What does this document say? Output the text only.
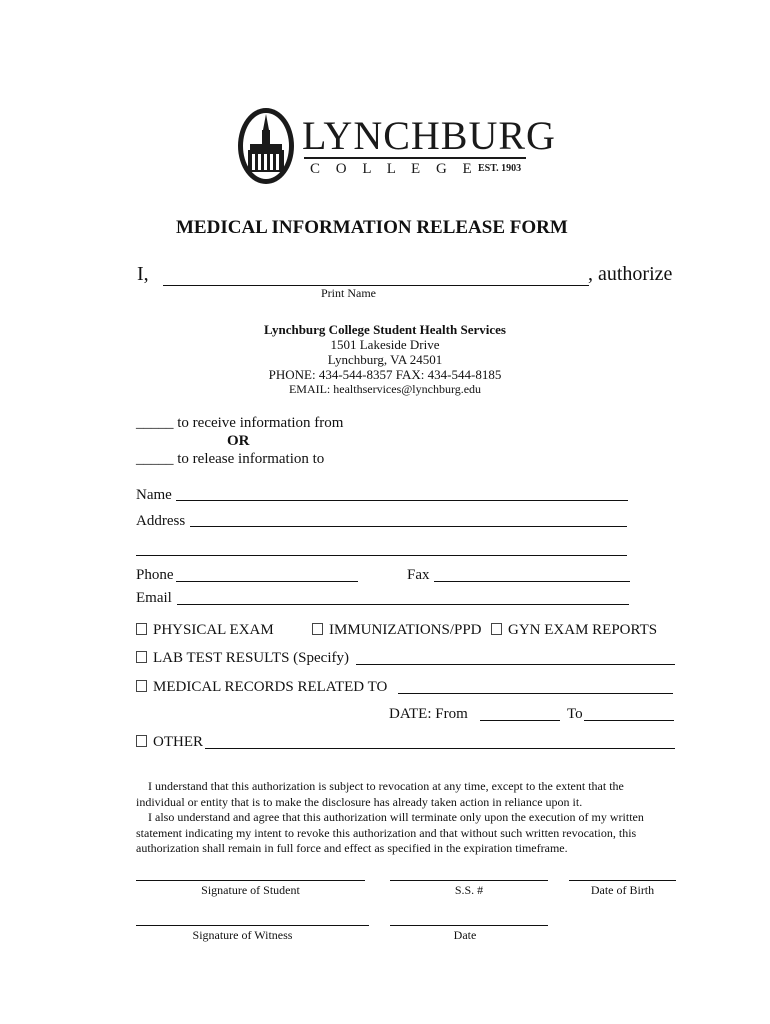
LYNCHBURG
C O L L E G E EST. 1903
MEDICAL INFORMATION RELEASE FORM
I,	, authorize
Print Name
Lynchburg College Student Health Services
1501 Lakeside Drive
Lynchburg, VA 24501
PHONE: 434-544-8357 FAX: 434-544-8185
EMAIL: healthservices@lynchburg.edu
_____ to receive information from
OR
_____ to release information to
Name
Address
Phone	Fax
Email
PHYSICAL EXAM	IMMUNIZATIONS/PPD	GYN EXAM REPORTS
LAB TEST RESULTS (Specify)
MEDICAL RECORDS RELATED TO
DATE: From	To
OTHER
I understand that this authorization is subject to revocation at any time, except to the extent that the
individual or entity that is to make the disclosure has already taken action in reliance upon it.
I also understand and agree that this authorization will terminate only upon the execution of my written
statement indicating my intent to revoke this authorization and that without such written revocation, this
authorization shall remain in full force and effect as specified in the expiration timeframe.
Signature of Student	S.S. #	Date of Birth
Signature of Witness	Date
